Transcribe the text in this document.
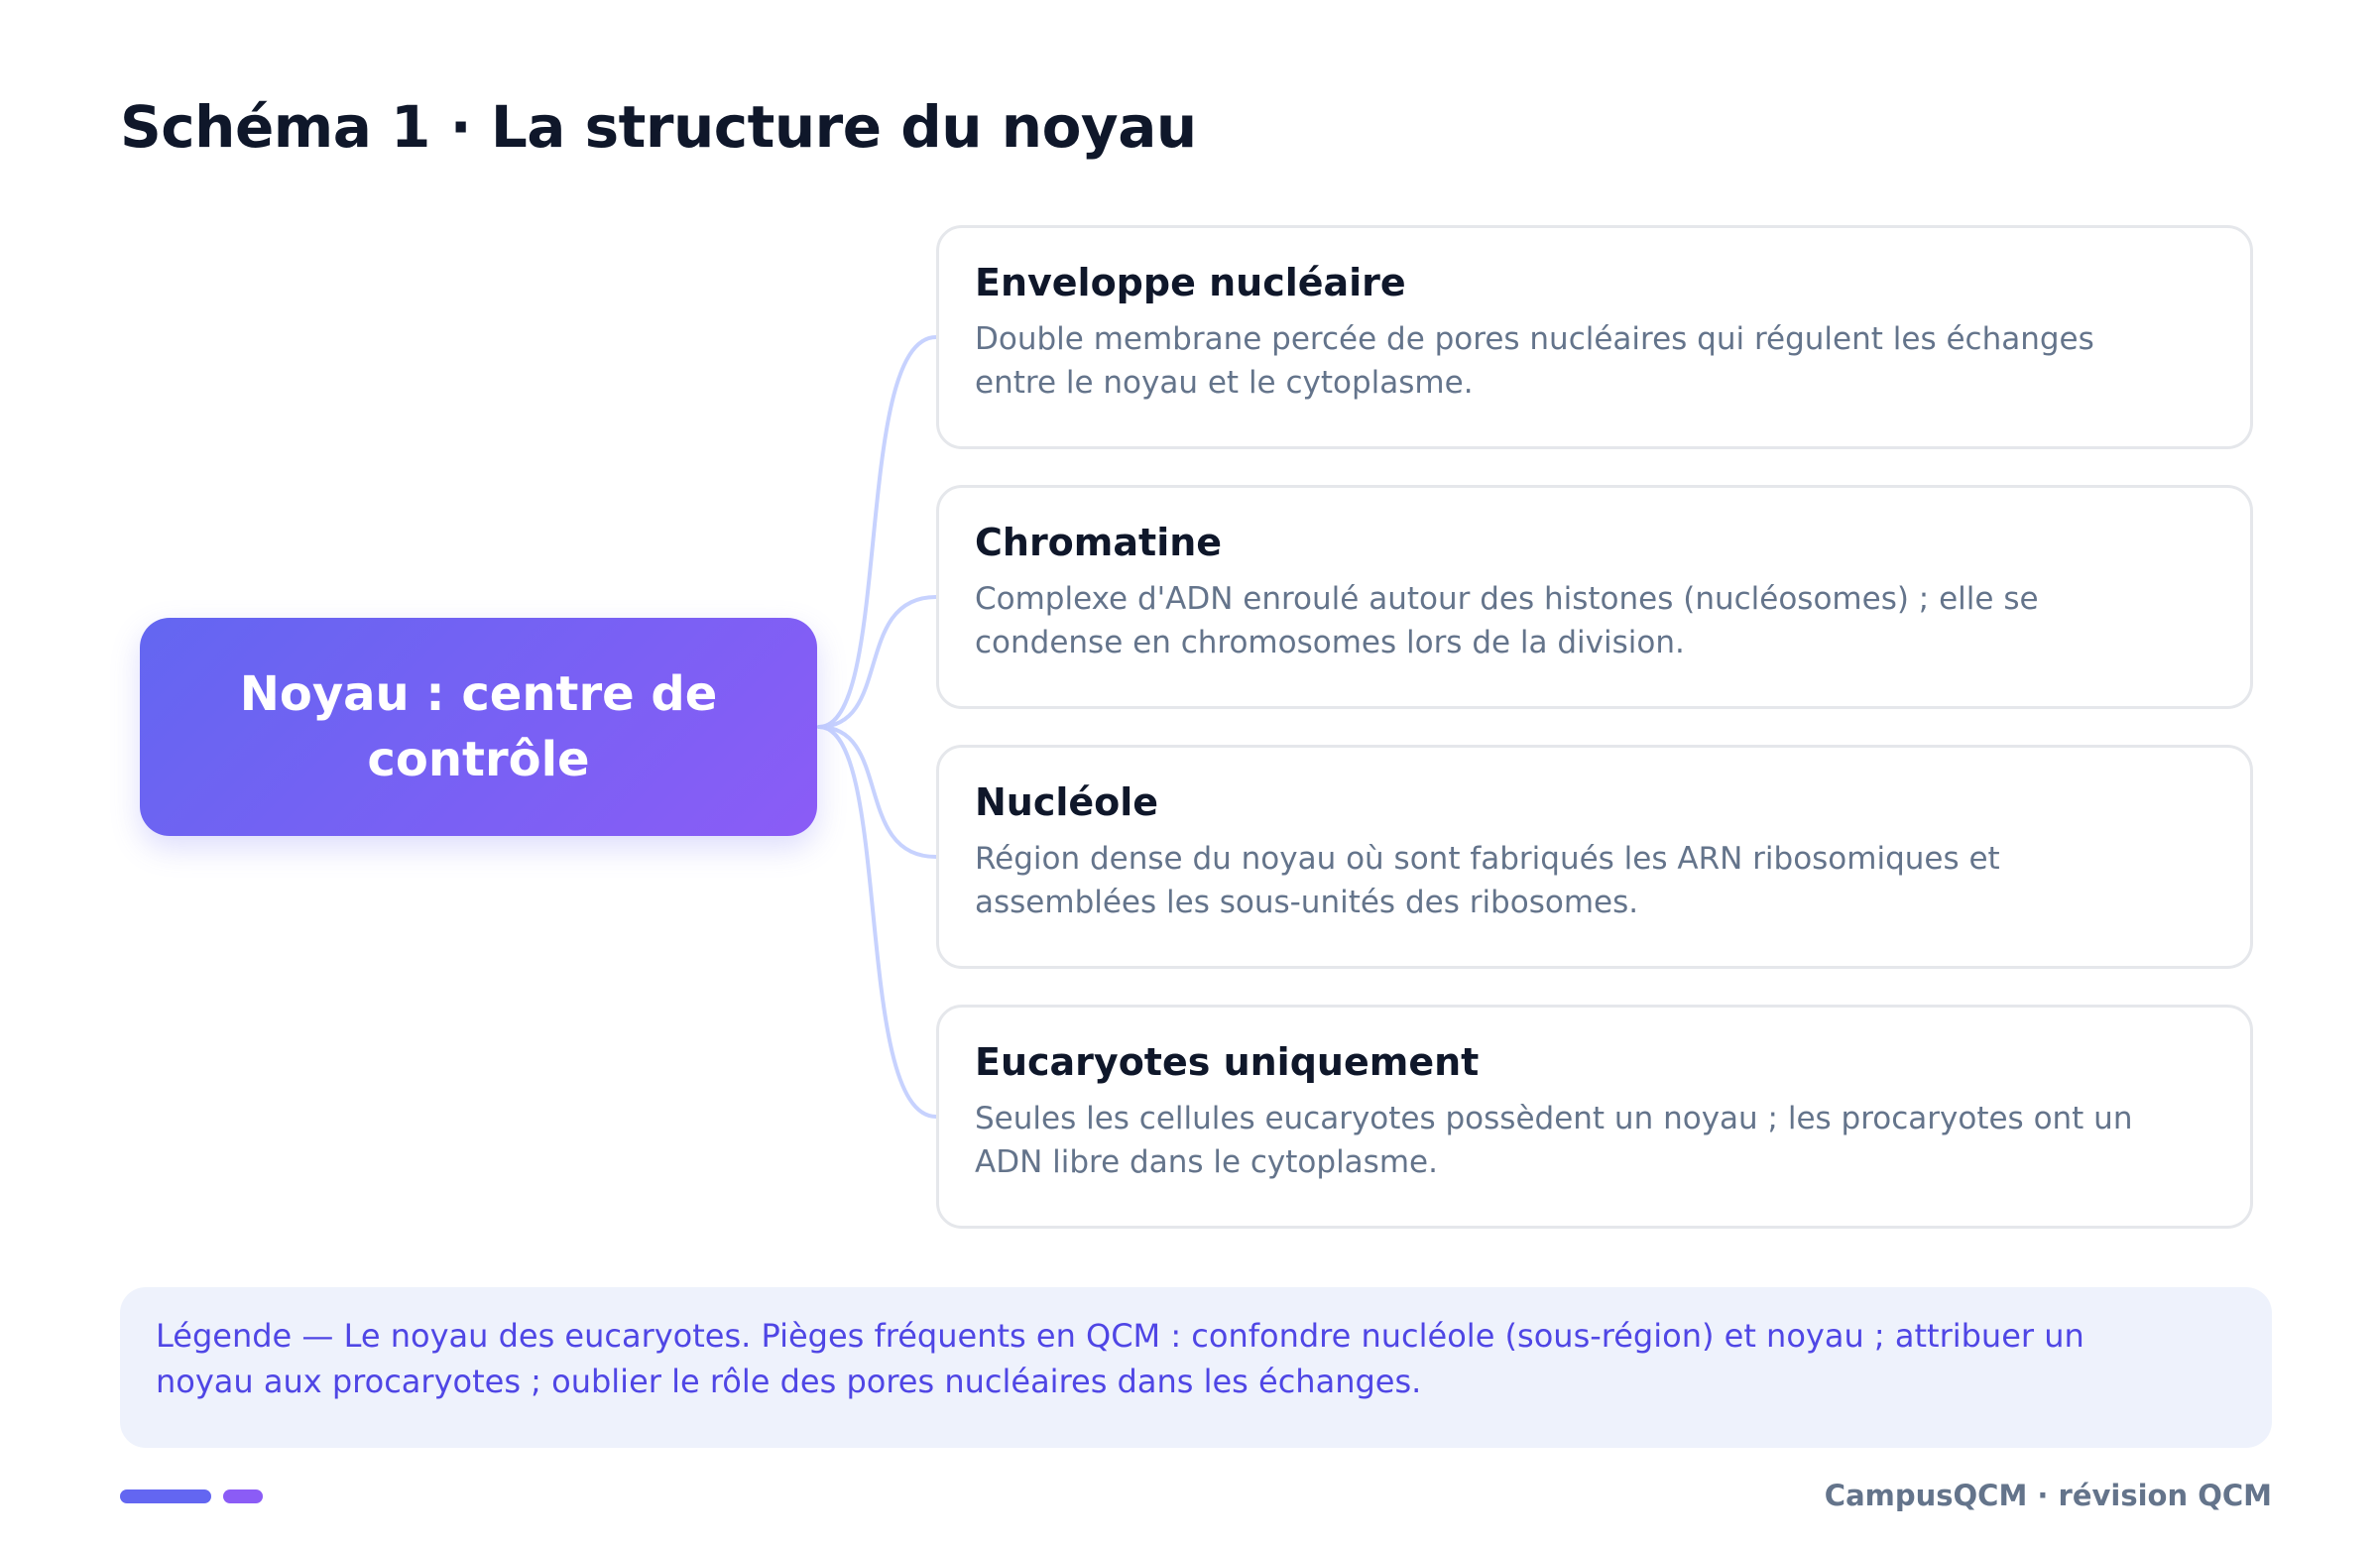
Schéma 1 · La structure du noyau
Noyau : centre de contrôle
Enveloppe nucléaire

Double membrane percée de pores nucléaires qui régulent les échanges entre le noyau et le cytoplasme.

Chromatine

Complexe d'ADN enroulé autour des histones (nucléosomes) ; elle se condense en chromosomes lors de la division.

Nucléole

Région dense du noyau où sont fabriqués les ARN ribosomiques et assemblées les sous-unités des ribosomes.

Eucaryotes uniquement

Seules les cellules eucaryotes possèdent un noyau ; les procaryotes ont un ADN libre dans le cytoplasme.

Légende — Le noyau des eucaryotes. Pièges fréquents en QCM : confondre nucléole (sous-région) et noyau ; attribuer un noyau aux procaryotes ; oublier le rôle des pores nucléaires dans les échanges.

CampusQCM · révision QCM
